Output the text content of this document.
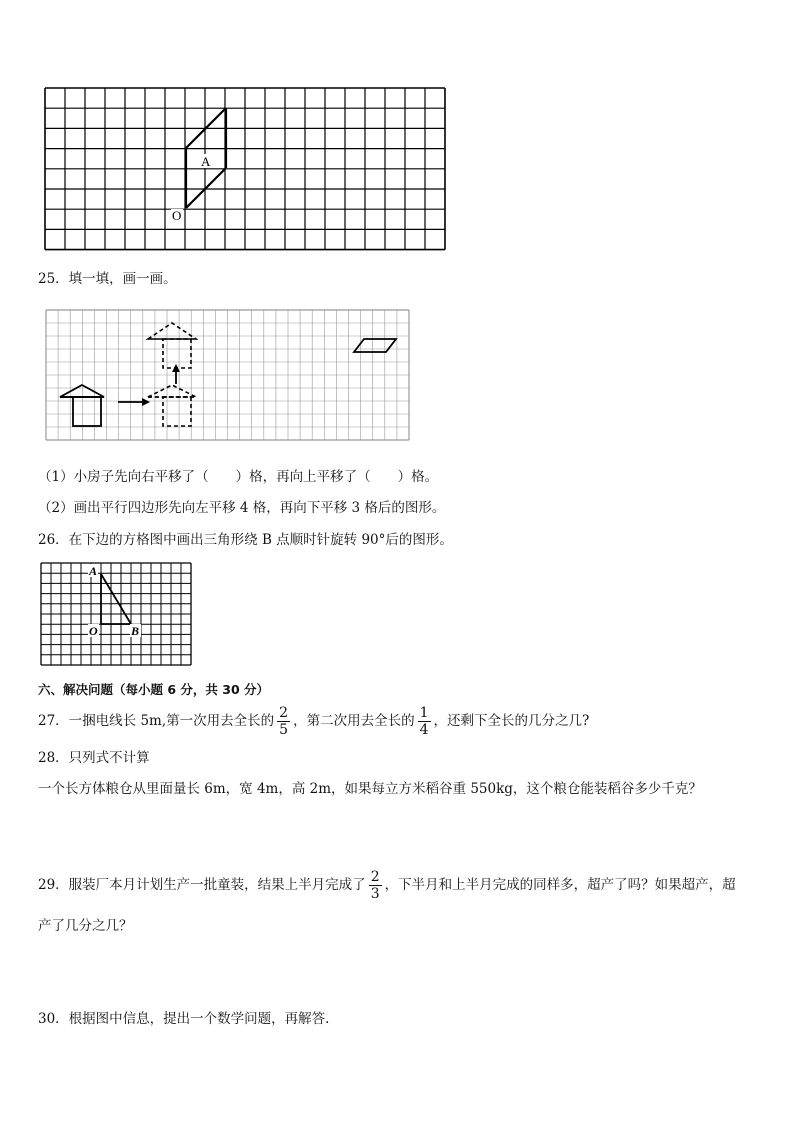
A
O
25．填一填，画一画。
（1）小房子先向右平移了（　　）格，再向上平移了（　　）格。
（2）画出平行四边形先向左平移 4 格，再向下平移 3 格后的图形。
26．在下边的方格图中画出三角形绕 B 点顺时针旋转 90°后的图形。
A
O	B
六、解决问题（每小题 6 分，共 30 分）
27．一捆电线长 5m,第一次用去全长的 $\frac{2}{5}$ ，第二次用去全长的 $\frac{1}{4}$ ，还剩下全长的几分之几?
28．只列式不计算
一个长方体粮仓从里面量长 6m，宽 4m，高 2m，如果每立方米稻谷重 550kg，这个粮仓能装稻谷多少千克？
29．服装厂本月计划生产一批童装，结果上半月完成了 $\frac{2}{3}$ ，下半月和上半月完成的同样多，超产了吗？如果超产，超
产了几分之几？
30．根据图中信息，提出一个数学问题，再解答.
